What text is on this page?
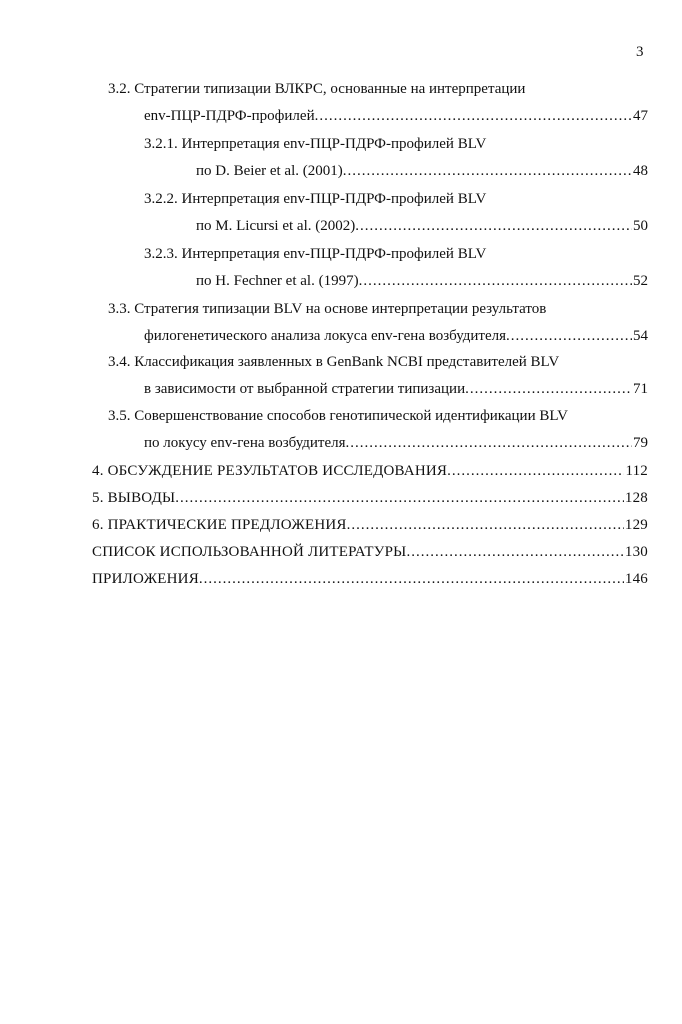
3
3.2. Стратегии типизации ВЛКРС, основанные на интерпретации
env-ПЦР-ПДРФ-профилей .....	47
3.2.1. Интерпретация env-ПЦР-ПДРФ-профилей BLV
по D. Beier et al. (2001) .....	48
3.2.2. Интерпретация env-ПЦР-ПДРФ-профилей BLV
по M. Licursi et al. (2002) .....	50
3.2.3. Интерпретация env-ПЦР-ПДРФ-профилей BLV
по H. Fechner et al. (1997) .....	52
3.3. Стратегия типизации BLV на основе интерпретации результатов
филогенетического анализа локуса env-гена возбудителя .....	54
3.4. Классификация заявленных в GenBank NCBI представителей BLV
в зависимости от выбранной стратегии типизации .....	71
3.5. Совершенствование способов генотипической идентификации BLV
по локусу env-гена возбудителя .....	79
4. ОБСУЖДЕНИЕ РЕЗУЛЬТАТОВ ИССЛЕДОВАНИЯ .....	112
5. ВЫВОДЫ .....	128
6. ПРАКТИЧЕСКИЕ ПРЕДЛОЖЕНИЯ .....	129
СПИСОК ИСПОЛЬЗОВАННОЙ ЛИТЕРАТУРЫ .....	130
ПРИЛОЖЕНИЯ .....	146
